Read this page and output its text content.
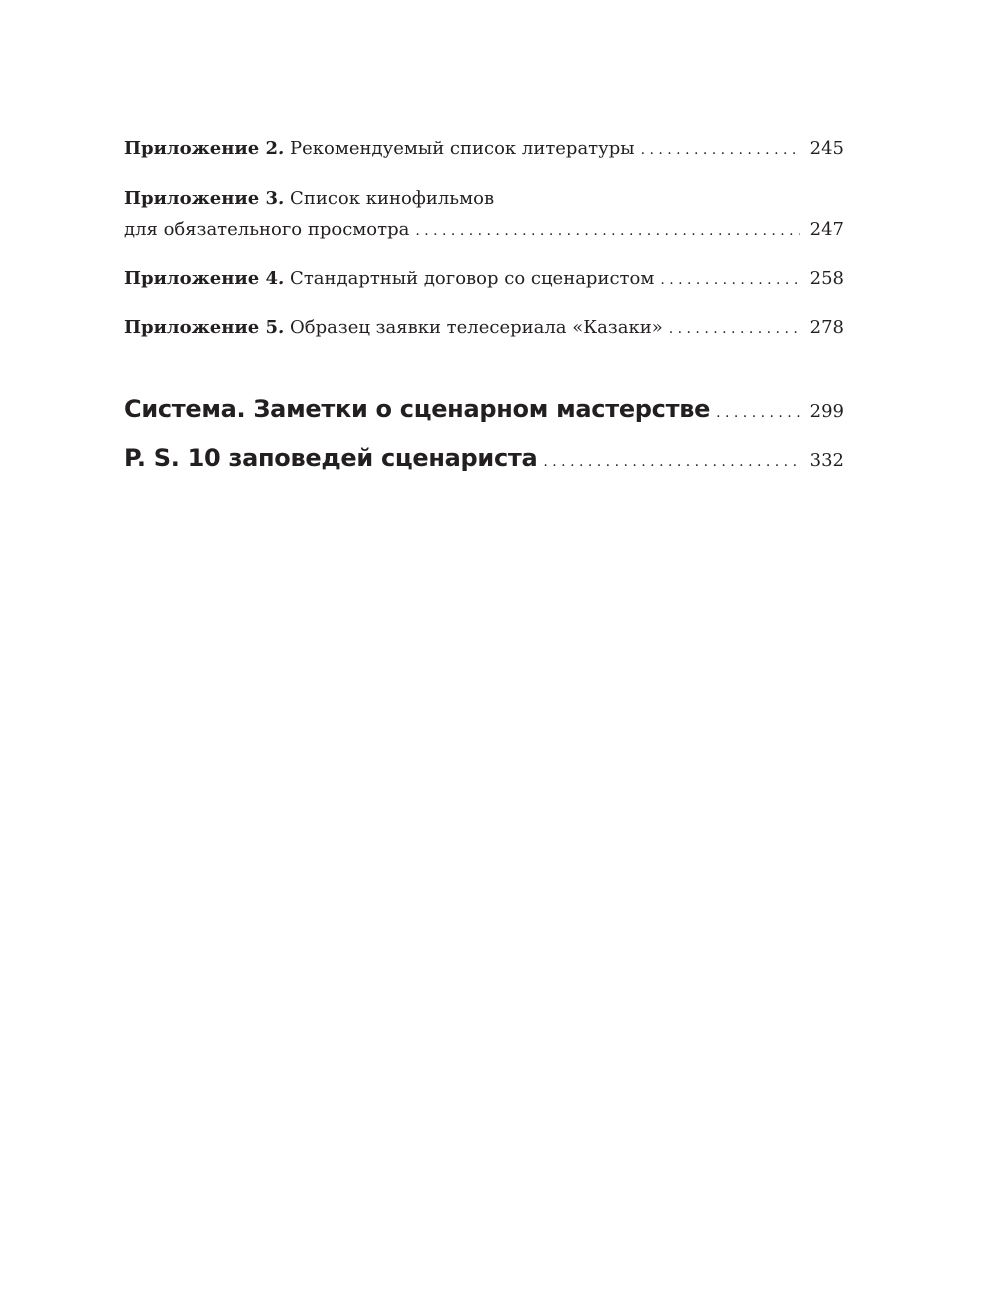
Приложение 2. Рекомендуемый список литературы . . .	245
Приложение 3. Список кинофильмов
для обязательного просмотра . . .	247
Приложение 4. Стандартный договор со сценаристом . . .	258
Приложение 5. Образец заявки телесериала «Казаки» . . .	278
Система. Заметки о сценарном мастерстве . . .	299
P. S. 10 заповедей сценариста . . .	332
